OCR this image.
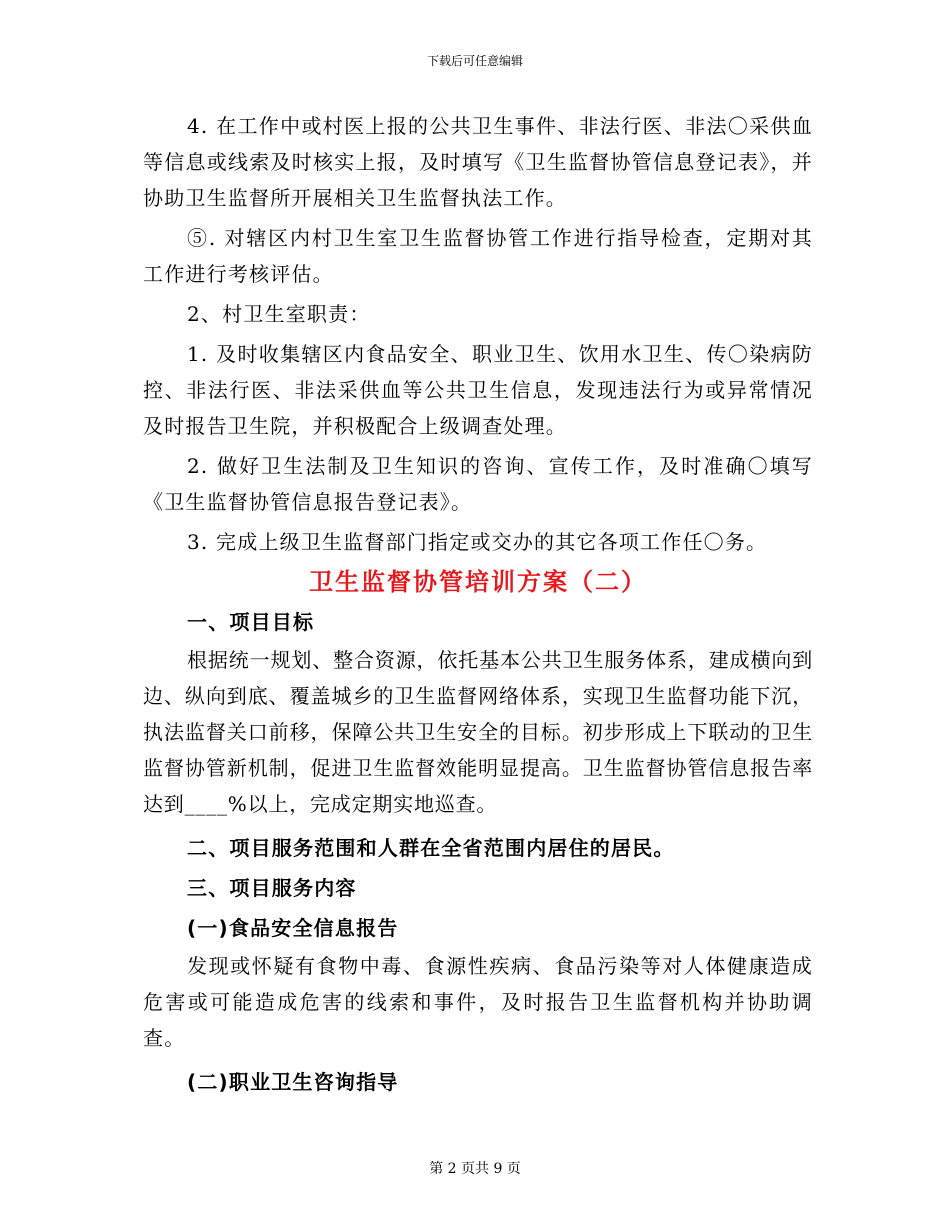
下载后可任意编辑

4. 在工作中或村医上报的公共卫生事件、非法行医、非法〇采供血等信息或线索及时核实上报，及时填写《卫生监督协管信息登记表》，并协助卫生监督所开展相关卫生监督执法工作。

⑤. 对辖区内村卫生室卫生监督协管工作进行指导检查，定期对其工作进行考核评估。

2、村卫生室职责：

1. 及时收集辖区内食品安全、职业卫生、饮用水卫生、传〇染病防控、非法行医、非法采供血等公共卫生信息，发现违法行为或异常情况及时报告卫生院，并积极配合上级调查处理。

2. 做好卫生法制及卫生知识的咨询、宣传工作，及时准确〇填写《卫生监督协管信息报告登记表》。

3. 完成上级卫生监督部门指定或交办的其它各项工作任〇务。

卫生监督协管培训方案（二）

一、项目目标

根据统一规划、整合资源，依托基本公共卫生服务体系，建成横向到边、纵向到底、覆盖城乡的卫生监督网络体系，实现卫生监督功能下沉，执法监督关口前移，保障公共卫生安全的目标。初步形成上下联动的卫生监督协管新机制，促进卫生监督效能明显提高。卫生监督协管信息报告率达到____%以上，完成定期实地巡查。

二、项目服务范围和人群在全省范围内居住的居民。

三、项目服务内容

(一)食品安全信息报告

发现或怀疑有食物中毒、食源性疾病、食品污染等对人体健康造成危害或可能造成危害的线索和事件，及时报告卫生监督机构并协助调查。

(二)职业卫生咨询指导

第 2 页共 9 页
